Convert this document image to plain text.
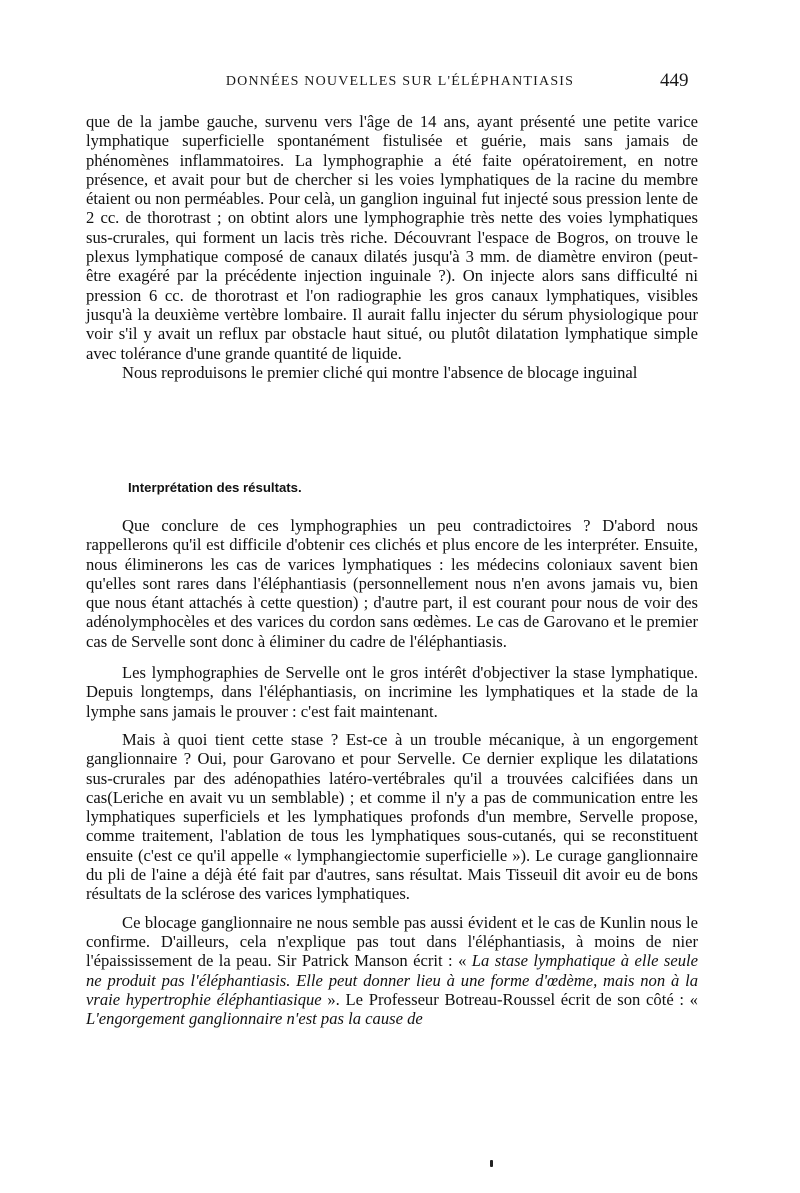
DONNÉES NOUVELLES SUR L'ÉLÉPHANTIASIS	449

que de la jambe gauche, survenu vers l'âge de 14 ans, ayant présenté une petite varice lymphatique superficielle spontanément fistulisée et guérie, mais sans jamais de phénomènes inflammatoires. La lymphographie a été faite opératoirement, en notre présence, et avait pour but de chercher si les voies lymphatiques de la racine du membre étaient ou non perméables. Pour celà, un ganglion inguinal fut injecté sous pression lente de 2 cc. de thorotrast ; on obtint alors une lymphographie très nette des voies lymphatiques sus-crurales, qui forment un lacis très riche. Découvrant l'espace de Bogros, on trouve le plexus lymphatique composé de canaux dilatés jusqu'à 3 mm. de diamètre environ (peut-être exagéré par la précédente injection inguinale ?). On injecte alors sans difficulté ni pression 6 cc. de thorotrast et l'on radiographie les gros canaux lymphatiques, visibles jusqu'à la deuxième vertèbre lombaire. Il aurait fallu injecter du sérum physiologique pour voir s'il y avait un reflux par obstacle haut situé, ou plutôt dilatation lymphatique simple avec tolérance d'une grande quantité de liquide.

Nous reproduisons le premier cliché qui montre l'absence de blocage inguinal

Interprétation des résultats.

Que conclure de ces lymphographies un peu contradictoires ? D'abord nous rappellerons qu'il est difficile d'obtenir ces clichés et plus encore de les interpréter. Ensuite, nous éliminerons les cas de varices lymphatiques : les médecins coloniaux savent bien qu'elles sont rares dans l'éléphantiasis (personnellement nous n'en avons jamais vu, bien que nous étant attachés à cette question) ; d'autre part, il est courant pour nous de voir des adénolymphocèles et des varices du cordon sans œdèmes. Le cas de Garovano et le premier cas de Servelle sont donc à éliminer du cadre de l'éléphantiasis.

Les lymphographies de Servelle ont le gros intérêt d'objectiver la stase lymphatique. Depuis longtemps, dans l'éléphantiasis, on incrimine les lymphatiques et la stade de la lymphe sans jamais le prouver : c'est fait maintenant.

Mais à quoi tient cette stase ? Est-ce à un trouble mécanique, à un engorgement ganglionnaire ? Oui, pour Garovano et pour Servelle. Ce dernier explique les dilatations sus-crurales par des adénopathies latéro-vertébrales qu'il a trouvées calcifiées dans un cas(Leriche en avait vu un semblable) ; et comme il n'y a pas de communication entre les lymphatiques superficiels et les lymphatiques profonds d'un membre, Servelle propose, comme traitement, l'ablation de tous les lymphatiques sous-cutanés, qui se reconstituent ensuite (c'est ce qu'il appelle « lymphangiectomie superficielle »). Le curage ganglionnaire du pli de l'aine a déjà été fait par d'autres, sans résultat. Mais Tisseuil dit avoir eu de bons résultats de la sclérose des varices lymphatiques.

Ce blocage ganglionnaire ne nous semble pas aussi évident et le cas de Kunlin nous le confirme. D'ailleurs, cela n'explique pas tout dans l'éléphantiasis, à moins de nier l'épaississement de la peau. Sir Patrick Manson écrit : « La stase lymphatique à elle seule ne produit pas l'éléphantiasis. Elle peut donner lieu à une forme d'œdème, mais non à la vraie hypertrophie éléphantiasique ». Le Professeur Botreau-Roussel écrit de son côté : « L'engorgement ganglionnaire n'est pas la cause de
